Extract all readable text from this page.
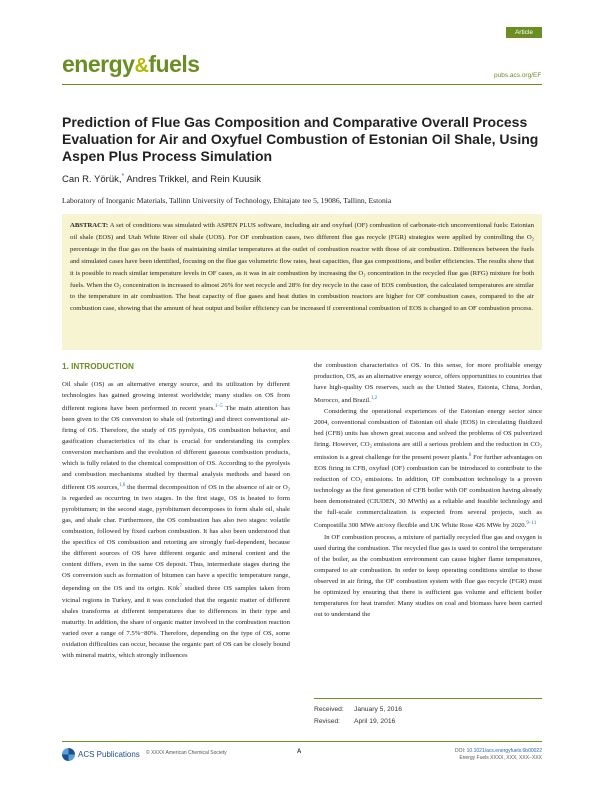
Article
energy&fuels	pubs.acs.org/EF
Prediction of Flue Gas Composition and Comparative Overall Process Evaluation for Air and Oxyfuel Combustion of Estonian Oil Shale, Using Aspen Plus Process Simulation
Can R. Yörük,* Andres Trikkel, and Rein Kuusik
Laboratory of Inorganic Materials, Tallinn University of Technology, Ehitajate tee 5, 19086, Tallinn, Estonia

ABSTRACT: A set of conditions was simulated with ASPEN PLUS software, including air and oxyfuel (OF) combustion of carbonate-rich unconventional fuels: Estonian oil shale (EOS) and Utah White River oil shale (UOS). For OF combustion cases, two different flue gas recycle (FGR) strategies were applied by controlling the O₂ percentage in the flue gas on the basis of maintaining similar temperatures at the outlet of combustion reactor with those of air combustion. Differences between the fuels and simulated cases have been identified, focusing on the flue gas volumetric flow rates, heat capacities, flue gas compositions, and boiler efficiencies. The results show that it is possible to reach similar temperature levels in OF cases, as it was in air combustion by increasing the O₂ concentration in the recycled flue gas (RFG) mixture for both fuels. When the O₂ concentration is increased to almost 26% for wet recycle and 28% for dry recycle in the case of EOS combustion, the calculated temperatures are similar to the temperature in air combustion. The heat capacity of flue gases and heat duties in combustion reactors are higher for OF combustion cases, compared to the air combustion case, showing that the amount of heat output and boiler efficiency can be increased if conventional combustion of EOS is changed to an OF combustion process.

1. INTRODUCTION

Oil shale (OS) as an alternative energy source, and its utilization by different technologies has gained growing interest worldwide; many studies on OS from different regions have been performed in recent years.$^{1-5}$ The main attention has been given to the OS conversion to shale oil (retorting) and direct conventional air-firing of OS. Therefore, the study of OS pyrolysis, OS combustion behavior, and gasification characteristics of its char is crucial for understanding its complex conversion mechanism and the evolution of different gaseous combustion products, which is fully related to the chemical composition of OS. According to the pyrolysis and combustion mechanisms studied by thermal analysis methods and based on different OS sources,$^{1,6}$ the thermal decomposition of OS in the absence of air or O₂ is regarded as occurring in two stages. In the first stage, OS is heated to form pyrobitumen; in the second stage, pyrobitumen decomposes to form shale oil, shale gas, and shale char. Furthermore, the OS combustion has also two stages: volatile combustion, followed by fixed carbon combustion. It has also been understood that the specifics of OS combustion and retorting are strongly fuel-dependent, because the different sources of OS have different organic and mineral content and the content differs, even in the same OS deposit. Thus, intermediate stages during the OS conversion such as formation of bitumen can have a specific temperature range, depending on the OS and its origin. Kök$^7$ studied three OS samples taken from vicinal regions in Turkey, and it was concluded that the organic matter of different shales transforms at different temperatures due to differences in their type and maturity. In addition, the share of organic matter involved in the combustion reaction varied over a range of 7.5%−80%. Therefore, depending on the type of OS, some oxidation difficulties can occur, because the organic part of OS can be closely bound with mineral matrix, which strongly influences

the combustion characteristics of OS. In this sense, for more profitable energy production, OS, as an alternative energy source, offers opportunities to countries that have high-quality OS reserves, such as the United States, Estonia, China, Jordan, Morocco, and Brazil.$^{1,2}$

Considering the operational experiences of the Estonian energy sector since 2004, conventional combustion of Estonian oil shale (EOS) in circulating fluidized bed (CFB) units has shown great success and solved the problems of OS pulverized firing. However, CO₂ emissions are still a serious problem and the reduction in CO₂ emission is a great challenge for the present power plants.$^8$ For further advantages on EOS firing in CFB, oxyfuel (OF) combustion can be introduced to contribute to the reduction of CO₂ emissions. In addition, OF combustion technology is a proven technology as the first generation of CFB boiler with OF combustion having already been demonstrated (CIUDEN, 30 MWth) as a reliable and feasible technology and the full-scale commercialization is expected from several projects, such as Compostilla 300 MWe air/oxy flexible and UK White Rose 426 MWe by 2020.$^{9-11}$

In OF combustion process, a mixture of partially recycled flue gas and oxygen is used during the combustion. The recycled flue gas is used to control the temperature of the boiler, as the combustion environment can cause higher flame temperatures, compared to air combustion. In order to keep operating conditions similar to those observed in air firing, the OF combustion system with flue gas recycle (FGR) must be optimized by ensuring that there is sufficient gas volume and efficient boiler temperatures for heat transfer. Many studies on coal and biomass have been carried out to understand the

Received: January 5, 2016
Revised: April 19, 2016
ACS Publications © XXXX American Chemical Society	A	DOI: 10.1021/acs.energyfuels.6b00022
Energy Fuels XXXX, XXX, XXX−XXX
